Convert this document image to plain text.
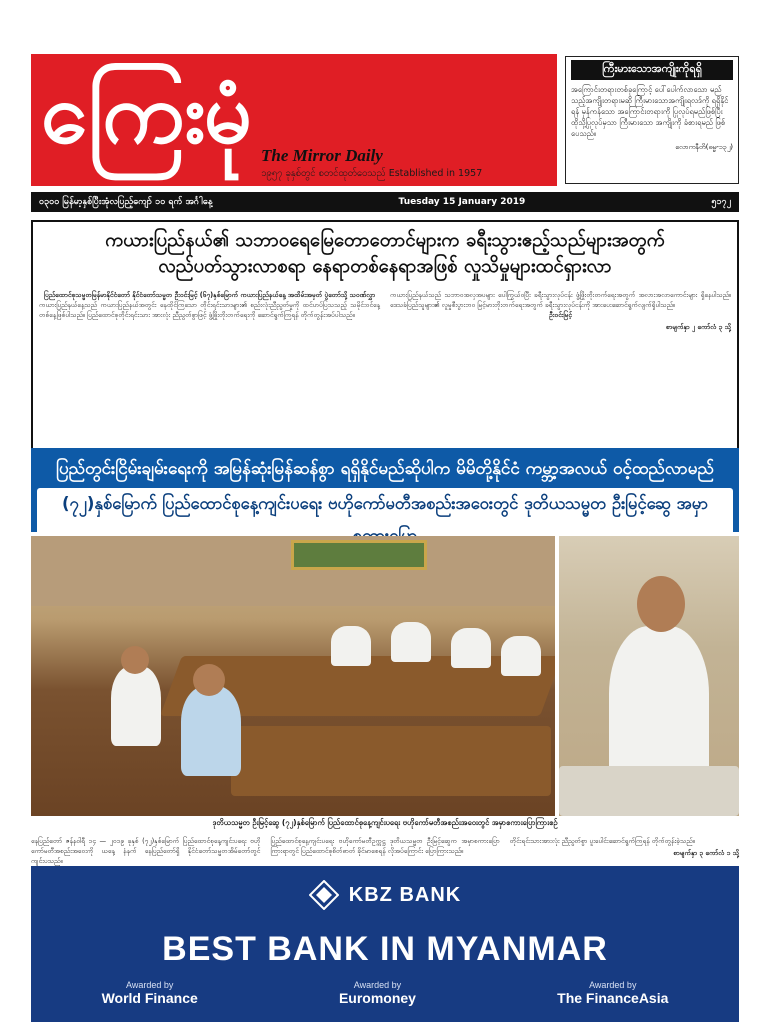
ကြေးမုံ The Mirror Daily
၁၉၅၇ ခုနှစ်တွင် စတင်ထုတ်ဝေသည် Established in 1957
ကြီးမားသောအကျိုးကိုရရှိ
အကြောင်းတရားတစ်ခုကြောင့် ပေါ်ပေါက်လာသော မည်သည့်အကျိုးတရားမဆို ကြီးမားသောအကျိုးရလဒ်ကို ရရှိနိုင်ရန် မှန်ကန်သော အကြောင်းတရားကို ပြုလုပ်ရမည်ဖြစ်ပြီး ထိုသို့ပြုလုပ်မှသာ ကြီးမားသော အကျိုးကို ခံစားရမည် ဖြစ်ပေသည်။
လောကနီတိ(ဓမ္မ-၁၃၂)
၀၃၀၀ မြန်မာ့နှစ်ပြီးအုံလပြည့်ကျော် ၁၀ ရက် အင်္ဂါနေ့	Tuesday 15 January 2019	၅၁၇၂
ကယားပြည်နယ်၏ သဘာဝရေမြေတောတောင်များက ခရီးသွားဧည့်သည်များအတွက်
လည်ပတ်သွားလာစရာ နေရာတစ်နေရာအဖြစ် လှုသိမှုများထင်ရှားလာ
ပြည်ထောင်စုသမ္မတမြန်မာနိုင်ငံတော် နိုင်ငံတော်သမ္မတ ဦးဝင်းမြင့် (၆၇)နှစ်မြောက် ကယားပြည်နယ်နေ့ အထိမ်းအမှတ် ပွဲတော်သို့ သဝဏ်လွှာ
ကယားပြည်နယ်နေ့သည် ကယားပြည်နယ်အတွင်း နေထိုင်ကြသော တိုင်းရင်းသားများ၏ စည်းလုံးညီညွတ်မှုကို ထင်ဟပ်ပြသသည့် သမိုင်းဝင်နေ့ တစ်နေ့ဖြစ်ပါသည်။ ပြည်ထောင်စုတိုင်းရင်းသား အားလုံး ညီညွတ်စွာဖြင့် ဖွံ့ဖြိုးတိုးတက်ရေးကို ဆောင်ရွက်ကြရန် တိုက်တွန်းအပ်ပါသည်။
ကယားပြည်နယ်သည် သဘာဝအလှအပများ ပေါကြွယ်ဝပြီး ခရီးသွားလုပ်ငန်း ဖွံ့ဖြိုးတိုးတက်ရေးအတွက် အလားအလာကောင်းများ ရှိနေပါသည်။ ဒေသခံပြည်သူများ၏ လူမှုစီးပွားဘဝ မြင့်မားတိုးတက်ရေးအတွက် ခရီးသွားလုပ်ငန်းကို အားပေးဆောင်ရွက်လျက်ရှိပါသည်။
ဦးဝင်းမြင့်
စာမျက်နှာ ၂ ကော်လံ ၃ သို့
ပြည်တွင်းငြိမ်းချမ်းရေးကို အမြန်ဆုံးမြန်ဆန်စွာ ရရှိနိုင်မည်ဆိုပါက မိမိတို့နိုင်ငံ ကမ္ဘာ့အလယ် ဝင့်ထည်လာမည်
(၇၂)နှစ်မြောက် ပြည်ထောင်စုနေ့ကျင်းပရေး ဗဟိုကော်မတီအစည်းအဝေးတွင် ဒုတိယသမ္မတ ဦးမြင့်ဆွေ အမှာ
ဒုတိယသမ္မတ ဦးမြင့်ဆွေ (၇၂)နှစ်မြောက် ပြည်ထောင်စုနေ့ကျင်းပရေး ဗဟိုကော်မတီအစည်းအဝေးတွင် အမှာစကားပြောကြားစဉ်
နေပြည်တော် ဇန်နဝါရီ ၁၄ — ၂၀၁၉ ခုနှစ် (၇၂)နှစ်မြောက် ပြည်ထောင်စုနေ့ကျင်းပရေး ဗဟိုကော်မတီအစည်းအဝေးကို ယနေ့ နံနက် နေပြည်တော်ရှိ နိုင်ငံတော်သမ္မတအိမ်တော်တွင် ကျင်းပသည်။
ပြည်ထောင်စုနေ့ကျင်းပရေး ဗဟိုကော်မတီဥက္ကဋ္ဌ ဒုတိယသမ္မတ ဦးမြင့်ဆွေက အမှာစကားပြောကြားရာတွင် ပြည်ထောင်စုစိတ်ဓာတ် ခိုင်မာစေရန် လိုအပ်ကြောင်း ပြောကြားသည်။
တိုင်းရင်းသားအားလုံး ညီညွတ်စွာ ပူးပေါင်းဆောင်ရွက်ကြရန် တိုက်တွန်းခဲ့သည်။
စာမျက်နှာ ၃ ကော်လံ ၁ သို့
KBZ BANK
BEST BANK IN MYANMAR
Awarded by
World Finance
Awarded by
Euromoney
Awarded by
The FinanceAsia
